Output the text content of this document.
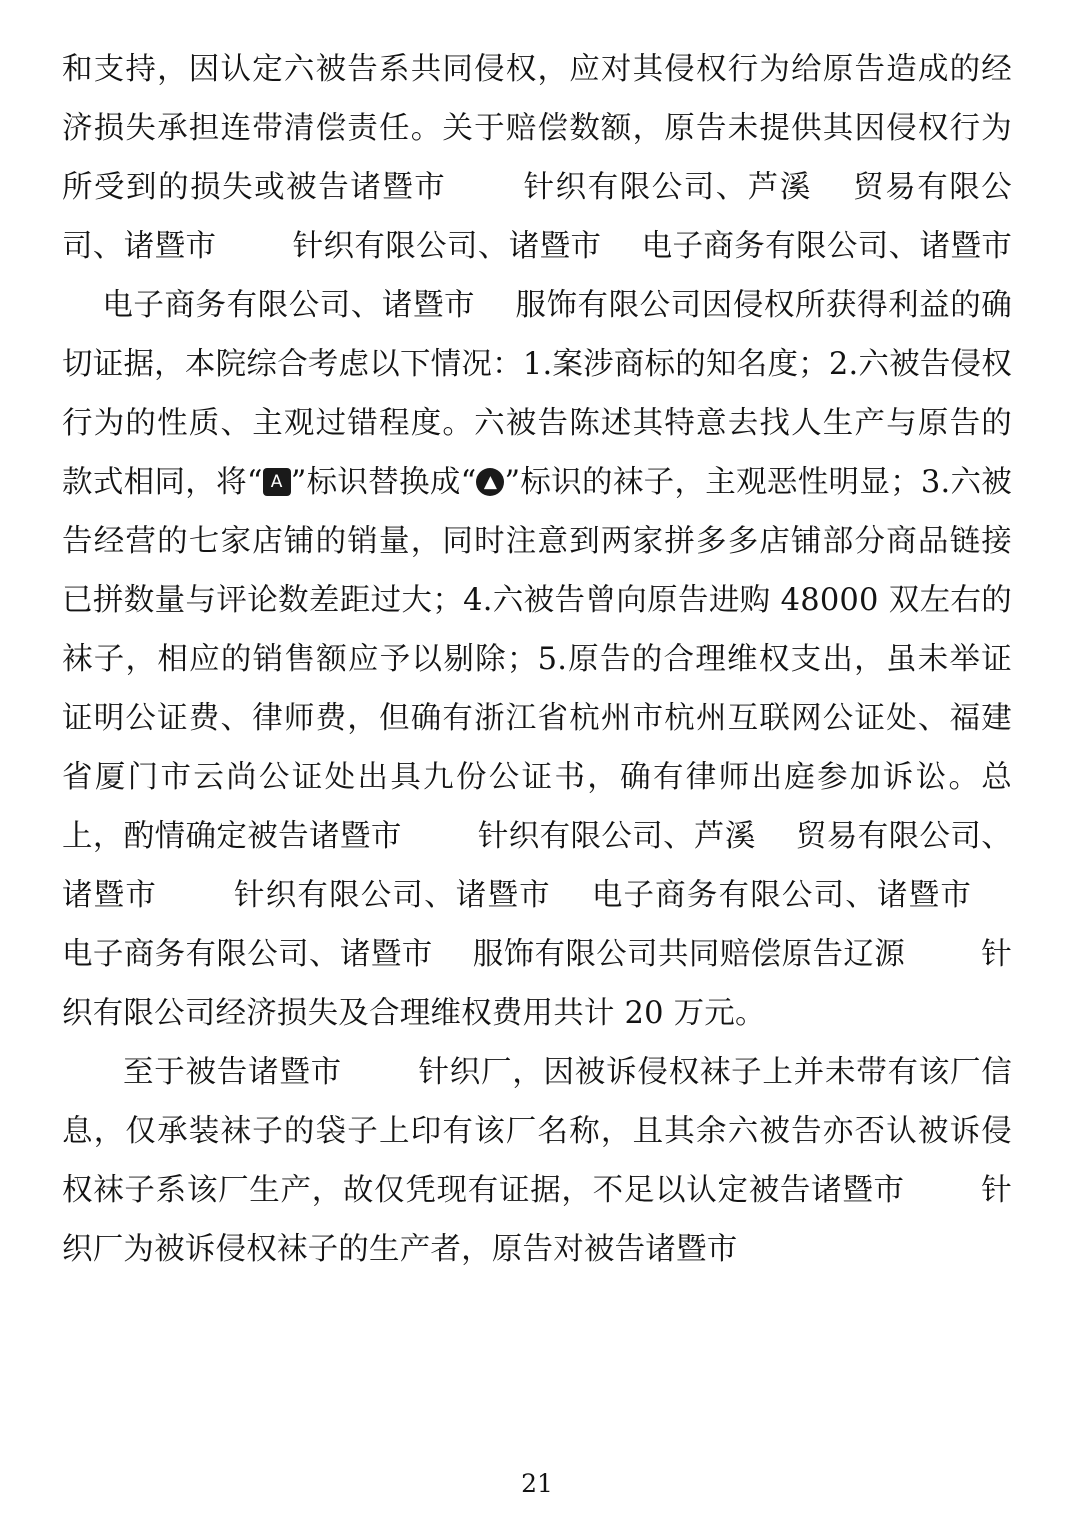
和支持，因认定六被告系共同侵权，应对其侵权行为给原告造成的经济损失承担连带清偿责任。关于赔偿数额，原告未提供其因侵权行为所受到的损失或被告诸暨市 针织有限公司、芦溪 贸易有限公司、诸暨市 针织有限公司、诸暨市 电子商务有限公司、诸暨市 电子商务有限公司、诸暨市 服饰有限公司因侵权所获得利益的确切证据，本院综合考虑以下情况：1.案涉商标的知名度；2.六被告侵权行为的性质、主观过错程度。六被告陈述其特意去找人生产与原告的款式相同，将“ A ”标识替换成“ ▲ ”标识的袜子，主观恶性明显；3.六被告经营的七家店铺的销量，同时注意到两家拼多多店铺部分商品链接已拼数量与评论数差距过大；4.六被告曾向原告进购 48000 双左右的袜子，相应的销售额应予以剔除；5.原告的合理维权支出，虽未举证证明公证费、律师费，但确有浙江省杭州市杭州互联网公证处、福建省厦门市云尚公证处出具九份公证书，确有律师出庭参加诉讼。总上，酌情确定被告诸暨市 针织有限公司、芦溪 贸易有限公司、诸暨市 针织有限公司、诸暨市 电子商务有限公司、诸暨市 电子商务有限公司、诸暨市 服饰有限公司共同赔偿原告辽源 针织有限公司经济损失及合理维权费用共计 20 万元。

至于被告诸暨市 针织厂，因被诉侵权袜子上并未带有该厂信息，仅承装袜子的袋子上印有该厂名称，且其余六被告亦否认被诉侵权袜子系该厂生产，故仅凭现有证据，不足以认定被告诸暨市 针织厂为被诉侵权袜子的生产者，原告对被告诸暨市

21
